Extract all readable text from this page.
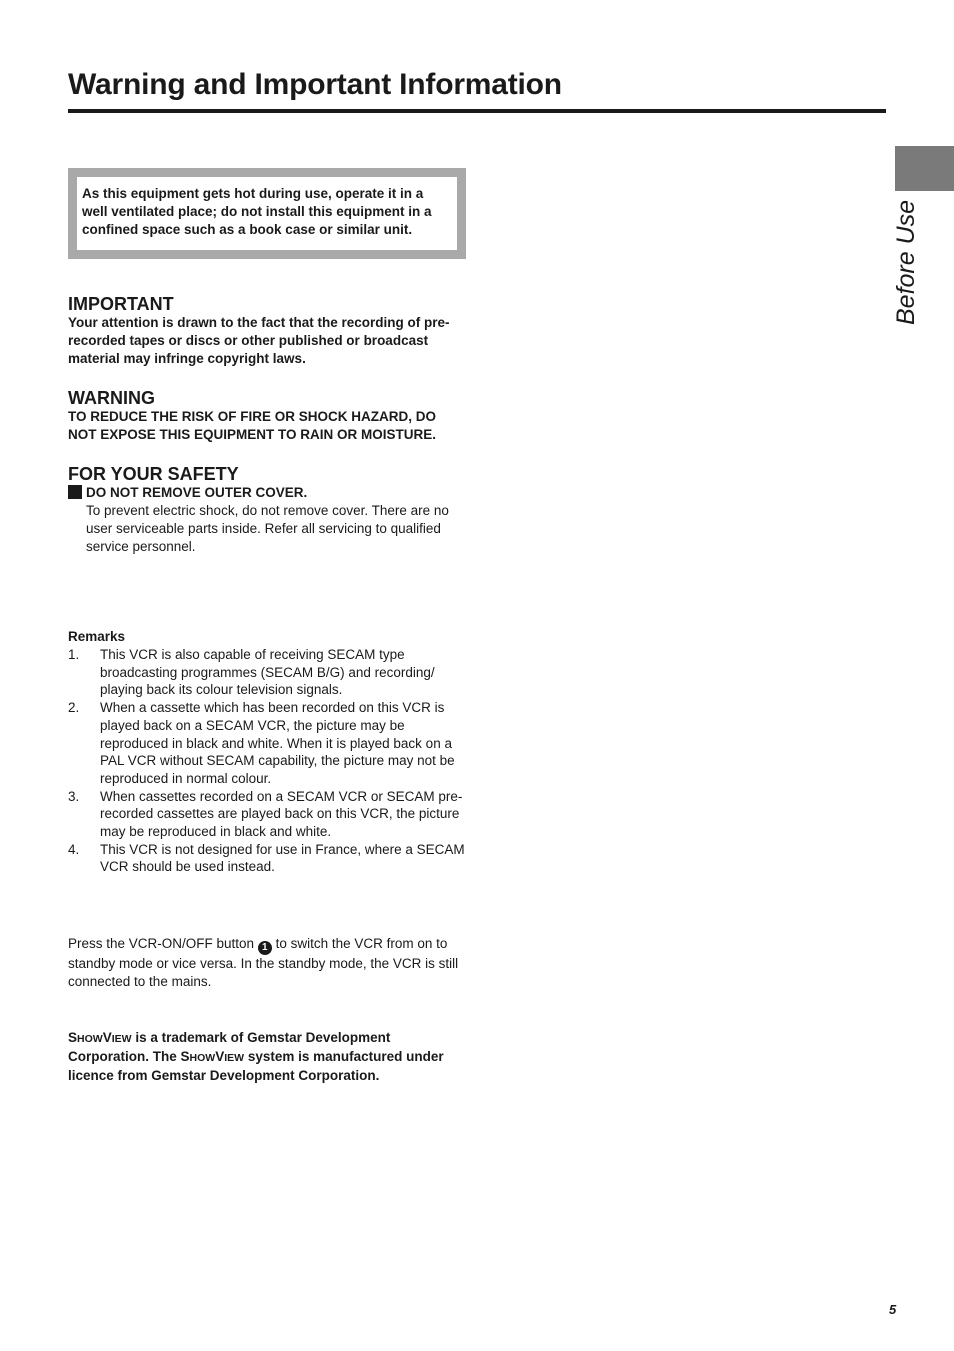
Warning and Important Information
Before Use
As this equipment gets hot during use, operate it in a well ventilated place; do not install this equipment in a confined space such as a book case or similar unit.
IMPORTANT

Your attention is drawn to the fact that the recording of pre-recorded tapes or discs or other published or broadcast material may infringe copyright laws.

WARNING

TO REDUCE THE RISK OF FIRE OR SHOCK HAZARD, DO NOT EXPOSE THIS EQUIPMENT TO RAIN OR MOISTURE.

FOR YOUR SAFETY

DO NOT REMOVE OUTER COVER.

To prevent electric shock, do not remove cover. There are no user serviceable parts inside. Refer all servicing to qualified service personnel.

Remarks

1. This VCR is also capable of receiving SECAM type broadcasting programmes (SECAM B/G) and recording/ playing back its colour television signals.
2. When a cassette which has been recorded on this VCR is played back on a SECAM VCR, the picture may be reproduced in black and white. When it is played back on a PAL VCR without SECAM capability, the picture may not be reproduced in normal colour.
3. When cassettes recorded on a SECAM VCR or SECAM pre-recorded cassettes are played back on this VCR, the picture may be reproduced in black and white.
4. This VCR is not designed for use in France, where a SECAM VCR should be used instead.

Press the VCR-ON/OFF button 1 to switch the VCR from on to standby mode or vice versa. In the standby mode, the VCR is still connected to the mains.

SHOWVIEW is a trademark of Gemstar Development Corporation. The SHOWVIEW system is manufactured under licence from Gemstar Development Corporation.

5
